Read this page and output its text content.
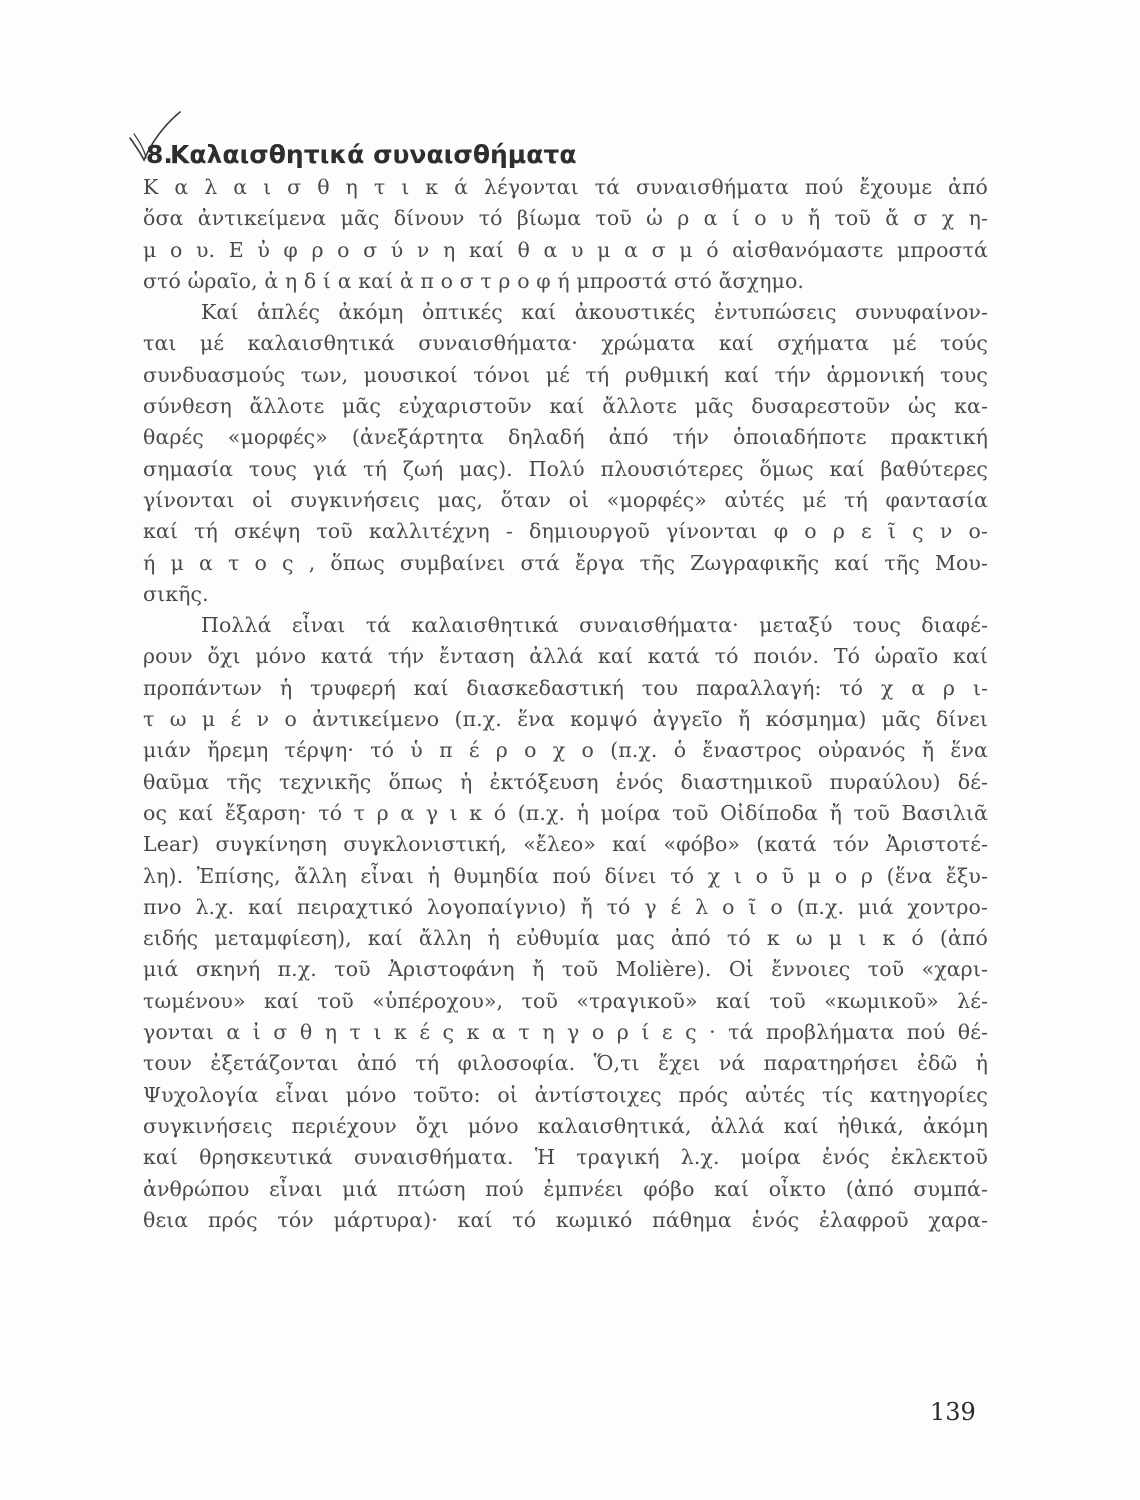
8.
Καλαισθητικά συναισθήματα
Κ α λ α ι σ θ η τ ι κ ά λέγονται τά συναισθήματα πού ἔχουμε ἀπό
ὅσα ἀντικείμενα μᾶς δίνουν τό βίωμα τοῦ ὡ ρ α ί ο υ ἤ τοῦ ἄ σ χ η-
μ ο υ. Ε ὐ φ ρ ο σ ύ ν η καί θ α υ μ α σ μ ό αἰσθανόμαστε μπροστά
στό ὡραῖο, ἀ η δ ί α καί ἀ π ο σ τ ρ ο φ ή μπροστά στό ἄσχημο.
Καί ἁπλές ἀκόμη ὀπτικές καί ἀκουστικές ἐντυπώσεις συνυφαίνον-
ται μέ καλαισθητικά συναισθήματα· χρώματα καί σχήματα μέ τούς
συνδυασμούς των, μουσικοί τόνοι μέ τή ρυθμική καί τήν ἁρμονική τους
σύνθεση ἄλλοτε μᾶς εὐχαριστοῦν καί ἄλλοτε μᾶς δυσαρεστοῦν ὡς κα-
θαρές «μορφές» (ἀνεξάρτητα δηλαδή ἀπό τήν ὁποιαδήποτε πρακτική
σημασία τους γιά τή ζωή μας). Πολύ πλουσιότερες ὅμως καί βαθύτερες
γίνονται οἱ συγκινήσεις μας, ὅταν οἱ «μορφές» αὐτές μέ τή φαντασία
καί τή σκέψη τοῦ καλλιτέχνη - δημιουργοῦ γίνονται φ ο ρ ε ῖ ς ν ο-
ή μ α τ ο ς , ὅπως συμβαίνει στά ἔργα τῆς Ζωγραφικῆς καί τῆς Μου-
σικῆς.
Πολλά εἶναι τά καλαισθητικά συναισθήματα· μεταξύ τους διαφέ-
ρουν ὄχι μόνο κατά τήν ἔνταση ἀλλά καί κατά τό ποιόν. Τό ὡραῖο καί
προπάντων ἡ τρυφερή καί διασκεδαστική του παραλλαγή: τό χ α ρ ι-
τ ω μ έ ν ο ἀντικείμενο (π.χ. ἕνα κομψό ἀγγεῖο ἤ κόσμημα) μᾶς δίνει
μιάν ἤρεμη τέρψη· τό ὑ π έ ρ ο χ ο (π.χ. ὁ ἔναστρος οὐρανός ἤ ἕνα
θαῦμα τῆς τεχνικῆς ὅπως ἡ ἐκτόξευση ἑνός διαστημικοῦ πυραύλου) δέ-
ος καί ἔξαρση· τό τ ρ α γ ι κ ό (π.χ. ἡ μοίρα τοῦ Οἰδίποδα ἤ τοῦ Βασιλιᾶ
Lear) συγκίνηση συγκλονιστική, «ἔλεο» καί «φόβο» (κατά τόν Ἀριστοτέ-
λη). Ἐπίσης, ἄλλη εἶναι ἡ θυμηδία πού δίνει τό χ ι ο ῦ μ ο ρ (ἕνα ἔξυ-
πνο λ.χ. καί πειραχτικό λογοπαίγνιο) ἤ τό γ έ λ ο ῖ ο (π.χ. μιά χοντρο-
ειδής μεταμφίεση), καί ἄλλη ἡ εὐθυμία μας ἀπό τό κ ω μ ι κ ό (ἀπό
μιά σκηνή π.χ. τοῦ Ἀριστοφάνη ἤ τοῦ Molière). Οἱ ἔννοιες τοῦ «χαρι-
τωμένου» καί τοῦ «ὑπέροχου», τοῦ «τραγικοῦ» καί τοῦ «κωμικοῦ» λέ-
γονται α ἰ σ θ η τ ι κ έ ς κ α τ η γ ο ρ ί ε ς · τά προβλήματα πού θέ-
τουν ἐξετάζονται ἀπό τή φιλοσοφία. Ὅ,τι ἔχει νά παρατηρήσει ἐδῶ ἡ
Ψυχολογία εἶναι μόνο τοῦτο: οἱ ἀντίστοιχες πρός αὐτές τίς κατηγορίες
συγκινήσεις περιέχουν ὄχι μόνο καλαισθητικά, ἀλλά καί ἠθικά, ἀκόμη
καί θρησκευτικά συναισθήματα. Ἡ τραγική λ.χ. μοίρα ἑνός ἐκλεκτοῦ
ἀνθρώπου εἶναι μιά πτώση πού ἐμπνέει φόβο καί οἶκτο (ἀπό συμπά-
θεια πρός τόν μάρτυρα)· καί τό κωμικό πάθημα ἑνός ἐλαφροῦ χαρα-
139
